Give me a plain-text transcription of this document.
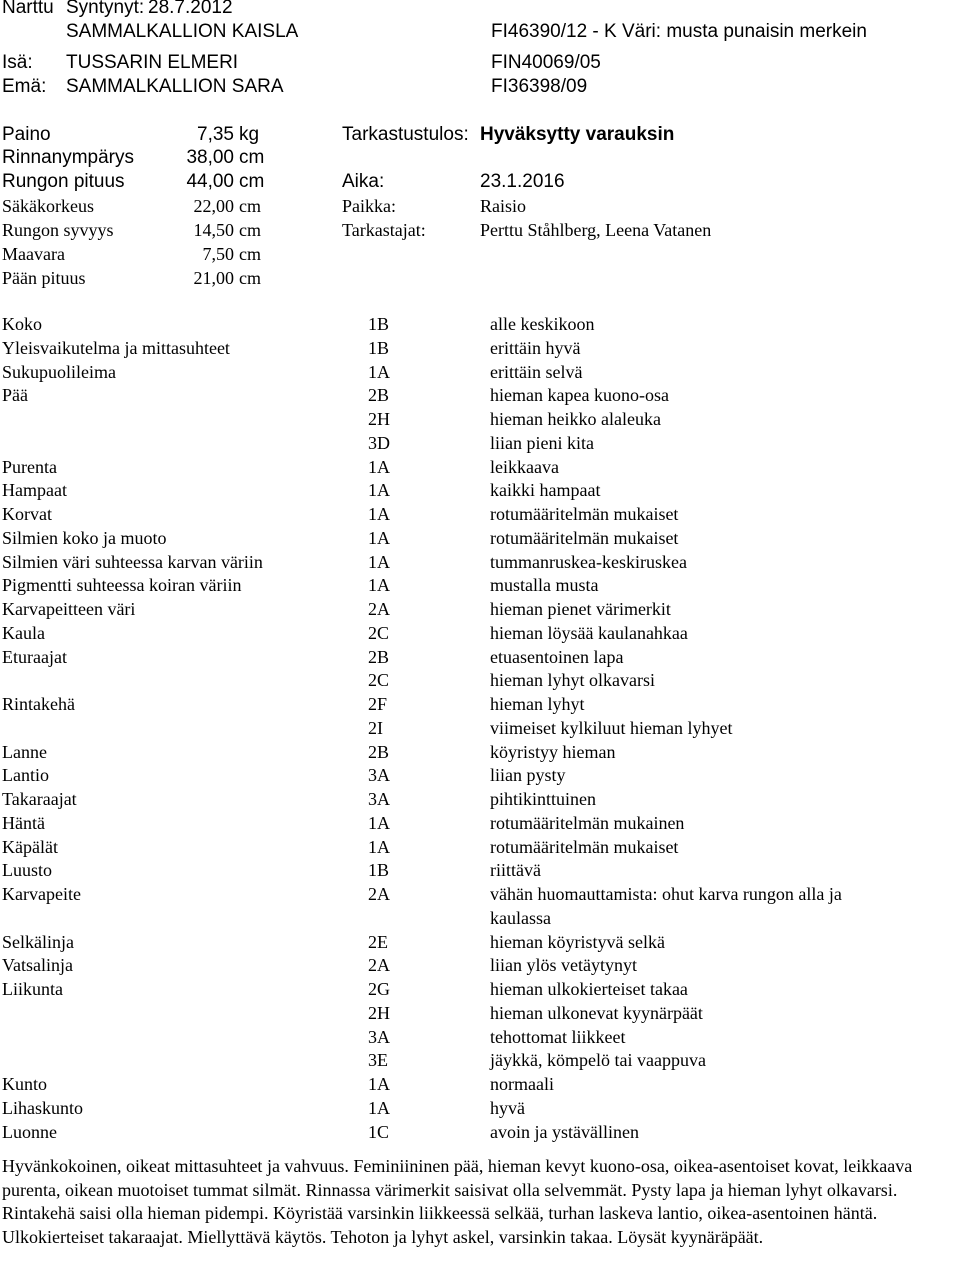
Narttu Syntynyt: 28.7.2012
SAMMALKALLION KAISLA	FI46390/12 - K Väri: musta punaisin merkein
Isä: TUSSARIN ELMERI	FIN40069/05
Emä: SAMMALKALLION SARA	FI36398/09
Paino	7,35 kg
Rinnanympärys	38,00 cm
Rungon pituus	44,00 cm
Säkäkorkeus	22,00 cm
Rungon syvyys	14,50 cm
Maavara	7,50 cm
Pään pituus	21,00 cm
Tarkastustulos: Hyväksytty varauksin
Aika:	23.1.2016
Paikka:	Raisio
Tarkastajat:	Perttu Ståhlberg, Leena Vatanen
Koko	1B	alle keskikoon
Yleisvaikutelma ja mittasuhteet	1B	erittäin hyvä
Sukupuolileima	1A	erittäin selvä
Pää	2B	hieman kapea kuono-osa
2H	hieman heikko alaleuka
3D	liian pieni kita
Purenta	1A	leikkaava
Hampaat	1A	kaikki hampaat
Korvat	1A	rotumääritelmän mukaiset
Silmien koko ja muoto	1A	rotumääritelmän mukaiset
Silmien väri suhteessa karvan väriin	1A	tummanruskea-keskiruskea
Pigmentti suhteessa koiran väriin	1A	mustalla musta
Karvapeitteen väri	2A	hieman pienet värimerkit
Kaula	2C	hieman löysää kaulanahkaa
Eturaajat	2B	etuasentoinen lapa
2C	hieman lyhyt olkavarsi
Rintakehä	2F	hieman lyhyt
2I	viimeiset kylkiluut hieman lyhyet
Lanne	2B	köyristyy hieman
Lantio	3A	liian pysty
Takaraajat	3A	pihtikinttuinen
Häntä	1A	rotumääritelmän mukainen
Käpälät	1A	rotumääritelmän mukaiset
Luusto	1B	riittävä
Karvapeite	2A	vähän huomauttamista: ohut karva rungon alla ja
kaulassa
Selkälinja	2E	hieman köyristyvä selkä
Vatsalinja	2A	liian ylös vetäytynyt
Liikunta	2G	hieman ulkokierteiset takaa
2H	hieman ulkonevat kyynärpäät
3A	tehottomat liikkeet
3E	jäykkä, kömpelö tai vaappuva
Kunto	1A	normaali
Lihaskunto	1A	hyvä
Luonne	1C	avoin ja ystävällinen
Hyvänkokoinen, oikeat mittasuhteet ja vahvuus. Feminiininen pää, hieman kevyt kuono-osa, oikea-asentoiset kovat, leikkaava purenta, oikean muotoiset tummat silmät. Rinnassa värimerkit saisivat olla selvemmät. Pysty lapa ja hieman lyhyt olkavarsi. Rintakehä saisi olla hieman pidempi. Köyristää varsinkin liikkeessä selkää, turhan laskeva lantio, oikea-asentoinen häntä. Ulkokierteiset takaraajat. Miellyttävä käytös. Tehoton ja lyhyt askel, varsinkin takaa. Löysät kyynäräpäät.
